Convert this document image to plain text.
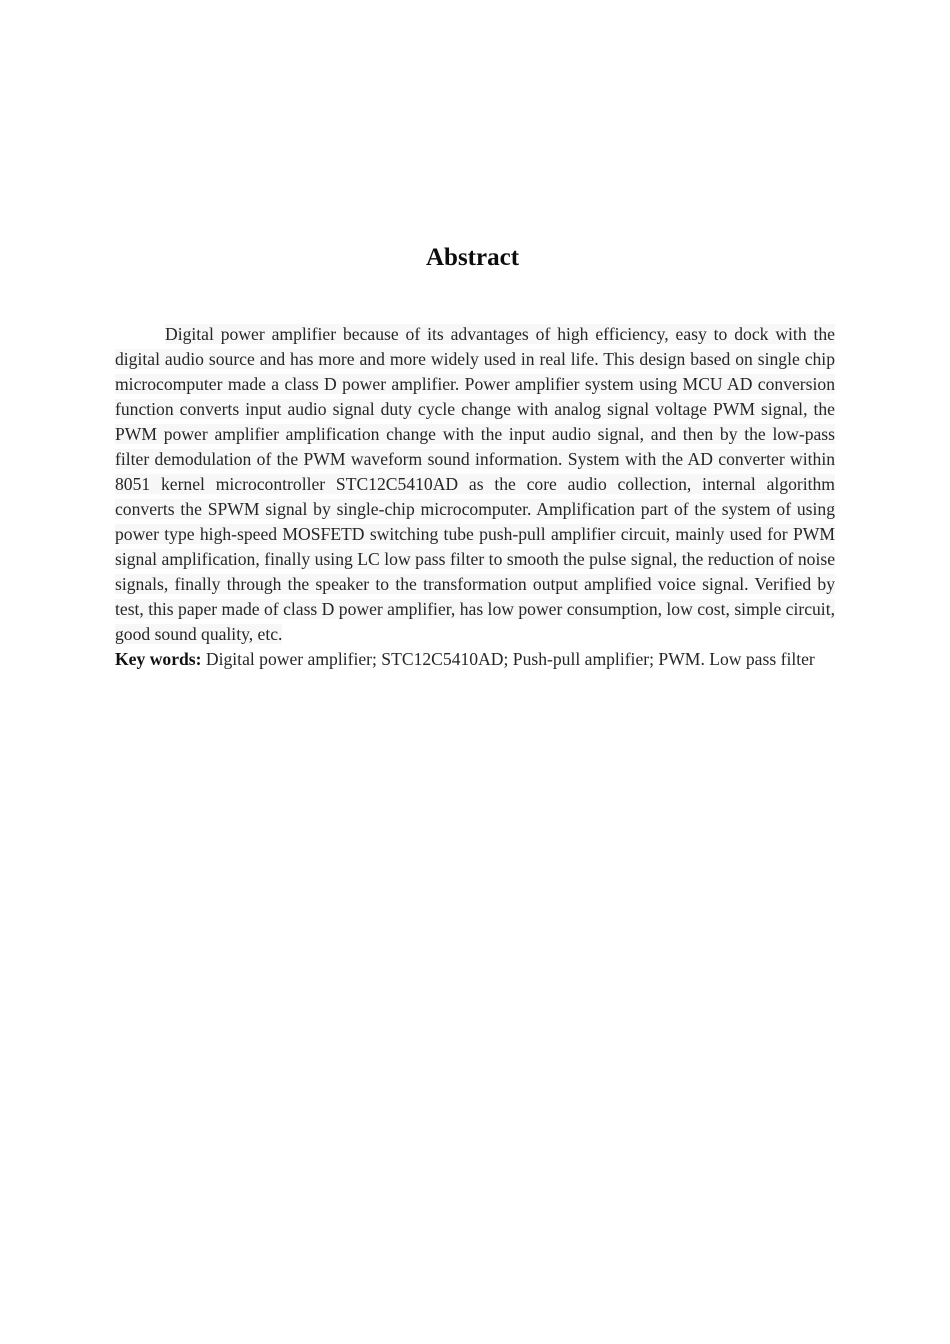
Abstract

Digital power amplifier because of its advantages of high efficiency, easy to dock with the digital audio source and has more and more widely used in real life. This design based on single chip microcomputer made a class D power amplifier. Power amplifier system using MCU AD conversion function converts input audio signal duty cycle change with analog signal voltage PWM signal, the PWM power amplifier amplification change with the input audio signal, and then by the low-pass filter demodulation of the PWM waveform sound information. System with the AD converter within 8051 kernel microcontroller STC12C5410AD as the core audio collection, internal algorithm converts the SPWM signal by single-chip microcomputer. Amplification part of the system of using power type high-speed MOSFETD switching tube push-pull amplifier circuit, mainly used for PWM signal amplification, finally using LC low pass filter to smooth the pulse signal, the reduction of noise signals, finally through the speaker to the transformation output amplified voice signal. Verified by test, this paper made of class D power amplifier, has low power consumption, low cost, simple circuit, good sound quality, etc.

Key words: Digital power amplifier; STC12C5410AD; Push-pull amplifier; PWM. Low pass filter
